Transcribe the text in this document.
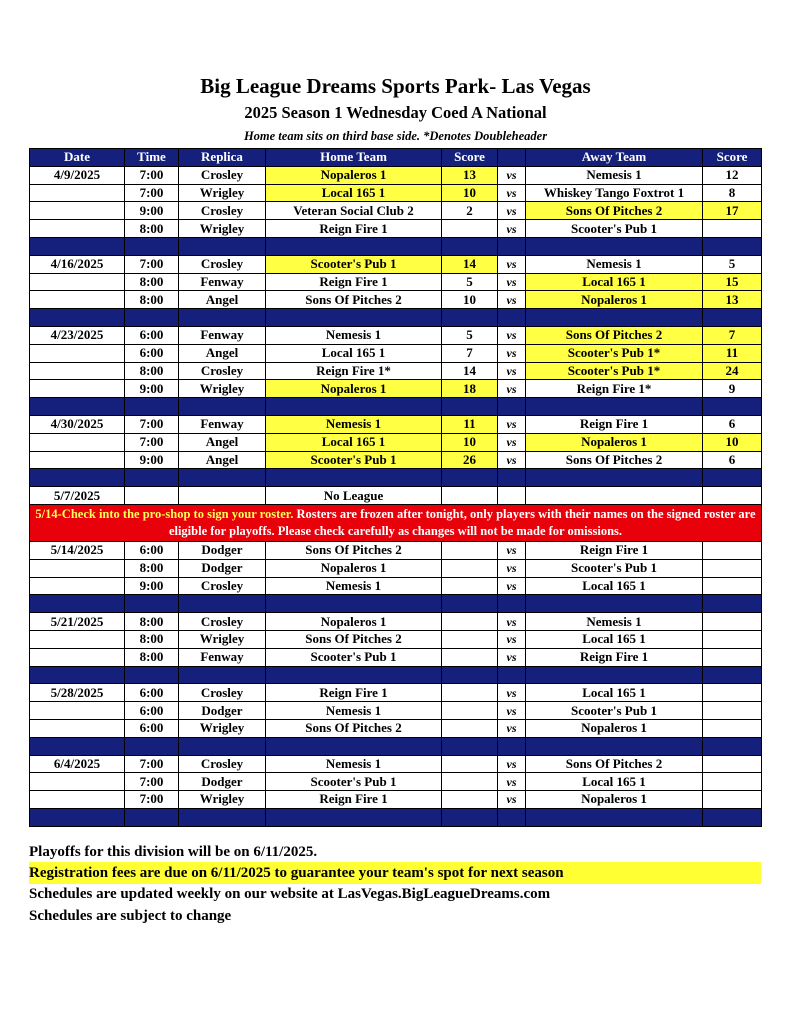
Big League Dreams Sports Park- Las Vegas
2025 Season 1 Wednesday Coed A National
Home team sits on third base side. *Denotes Doubleheader
Date	Time	Replica	Home Team	Score		Away Team	Score
4/9/2025	7:00	Crosley	Nopaleros 1	13	vs	Nemesis 1	12
	7:00	Wrigley	Local 165 1	10	vs	Whiskey Tango Foxtrot 1	8
	9:00	Crosley	Veteran Social Club 2	2	vs	Sons Of Pitches 2	17
	8:00	Wrigley	Reign Fire 1		vs	Scooter's Pub 1	

4/16/2025	7:00	Crosley	Scooter's Pub 1	14	vs	Nemesis 1	5
	8:00	Fenway	Reign Fire 1	5	vs	Local 165 1	15
	8:00	Angel	Sons Of Pitches 2	10	vs	Nopaleros 1	13

4/23/2025	6:00	Fenway	Nemesis 1	5	vs	Sons Of Pitches 2	7
	6:00	Angel	Local 165 1	7	vs	Scooter's Pub 1*	11
	8:00	Crosley	Reign Fire 1*	14	vs	Scooter's Pub 1*	24
	9:00	Wrigley	Nopaleros 1	18	vs	Reign Fire 1*	9

4/30/2025	7:00	Fenway	Nemesis 1	11	vs	Reign Fire 1	6
	7:00	Angel	Local 165 1	10	vs	Nopaleros 1	10
	9:00	Angel	Scooter's Pub 1	26	vs	Sons Of Pitches 2	6

5/7/2025			No League				
5/14-Check into the pro-shop to sign your roster. Rosters are frozen after tonight, only players with their names on the signed roster are eligible for playoffs. Please check carefully as changes will not be made for omissions.							
5/14/2025	6:00	Dodger	Sons Of Pitches 2		vs	Reign Fire 1	
	8:00	Dodger	Nopaleros 1		vs	Scooter's Pub 1	
	9:00	Crosley	Nemesis 1		vs	Local 165 1	

5/21/2025	8:00	Crosley	Nopaleros 1		vs	Nemesis 1	
	8:00	Wrigley	Sons Of Pitches 2		vs	Local 165 1	
	8:00	Fenway	Scooter's Pub 1		vs	Reign Fire 1	

5/28/2025	6:00	Crosley	Reign Fire 1		vs	Local 165 1	
	6:00	Dodger	Nemesis 1		vs	Scooter's Pub 1	
	6:00	Wrigley	Sons Of Pitches 2		vs	Nopaleros 1	

6/4/2025	7:00	Crosley	Nemesis 1		vs	Sons Of Pitches 2	
	7:00	Dodger	Scooter's Pub 1		vs	Local 165 1	
	7:00	Wrigley	Reign Fire 1		vs	Nopaleros 1	

Playoffs for this division will be on 6/11/2025.
Registration fees are due on 6/11/2025 to guarantee your team's spot for next season
Schedules are updated weekly on our website at LasVegas.BigLeagueDreams.com
Schedules are subject to change
